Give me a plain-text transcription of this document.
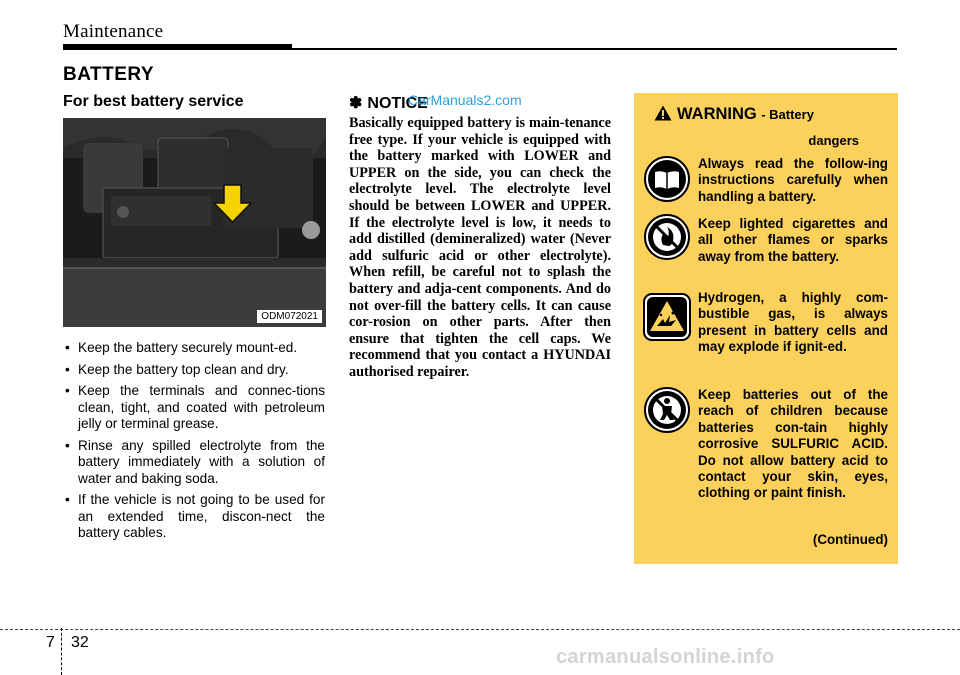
Maintenance
BATTERY
For best battery service
ODM072021
• Keep the battery securely mount-ed.
• Keep the battery top clean and dry.
• Keep the terminals and connec-tions clean, tight, and coated with petroleum jelly or terminal grease.
• Rinse any spilled electrolyte from the battery immediately with a solution of water and baking soda.
• If the vehicle is not going to be used for an extended time, discon-nect the battery cables.
✽ NOTICE
CarManuals2.com

Basically equipped battery is main-tenance free type. If your vehicle is equipped with the battery marked with LOWER and UPPER on the side, you can check the electrolyte level. The electrolyte level should be between LOWER and UPPER. If the electrolyte level is low, it needs to add distilled (demineralized) water (Never add sulfuric acid or other electrolyte). When refill, be careful not to splash the battery and adja-cent components. And do not over-fill the battery cells. It can cause cor-rosion on other parts. After then ensure that tighten the cell caps. We recommend that you contact a HYUNDAI authorised repairer.

WARNING - Battery
dangers

Always read the follow-ing instructions carefully when handling a battery.

Keep lighted cigarettes and all other flames or sparks away from the battery.

Hydrogen, a highly com-bustible gas, is always present in battery cells and may explode if ignit-ed.

Keep batteries out of the reach of children because batteries con-tain highly corrosive SULFURIC ACID. Do not allow battery acid to contact your skin, eyes, clothing or paint finish.

(Continued)
7 32
carmanualsonline.info
